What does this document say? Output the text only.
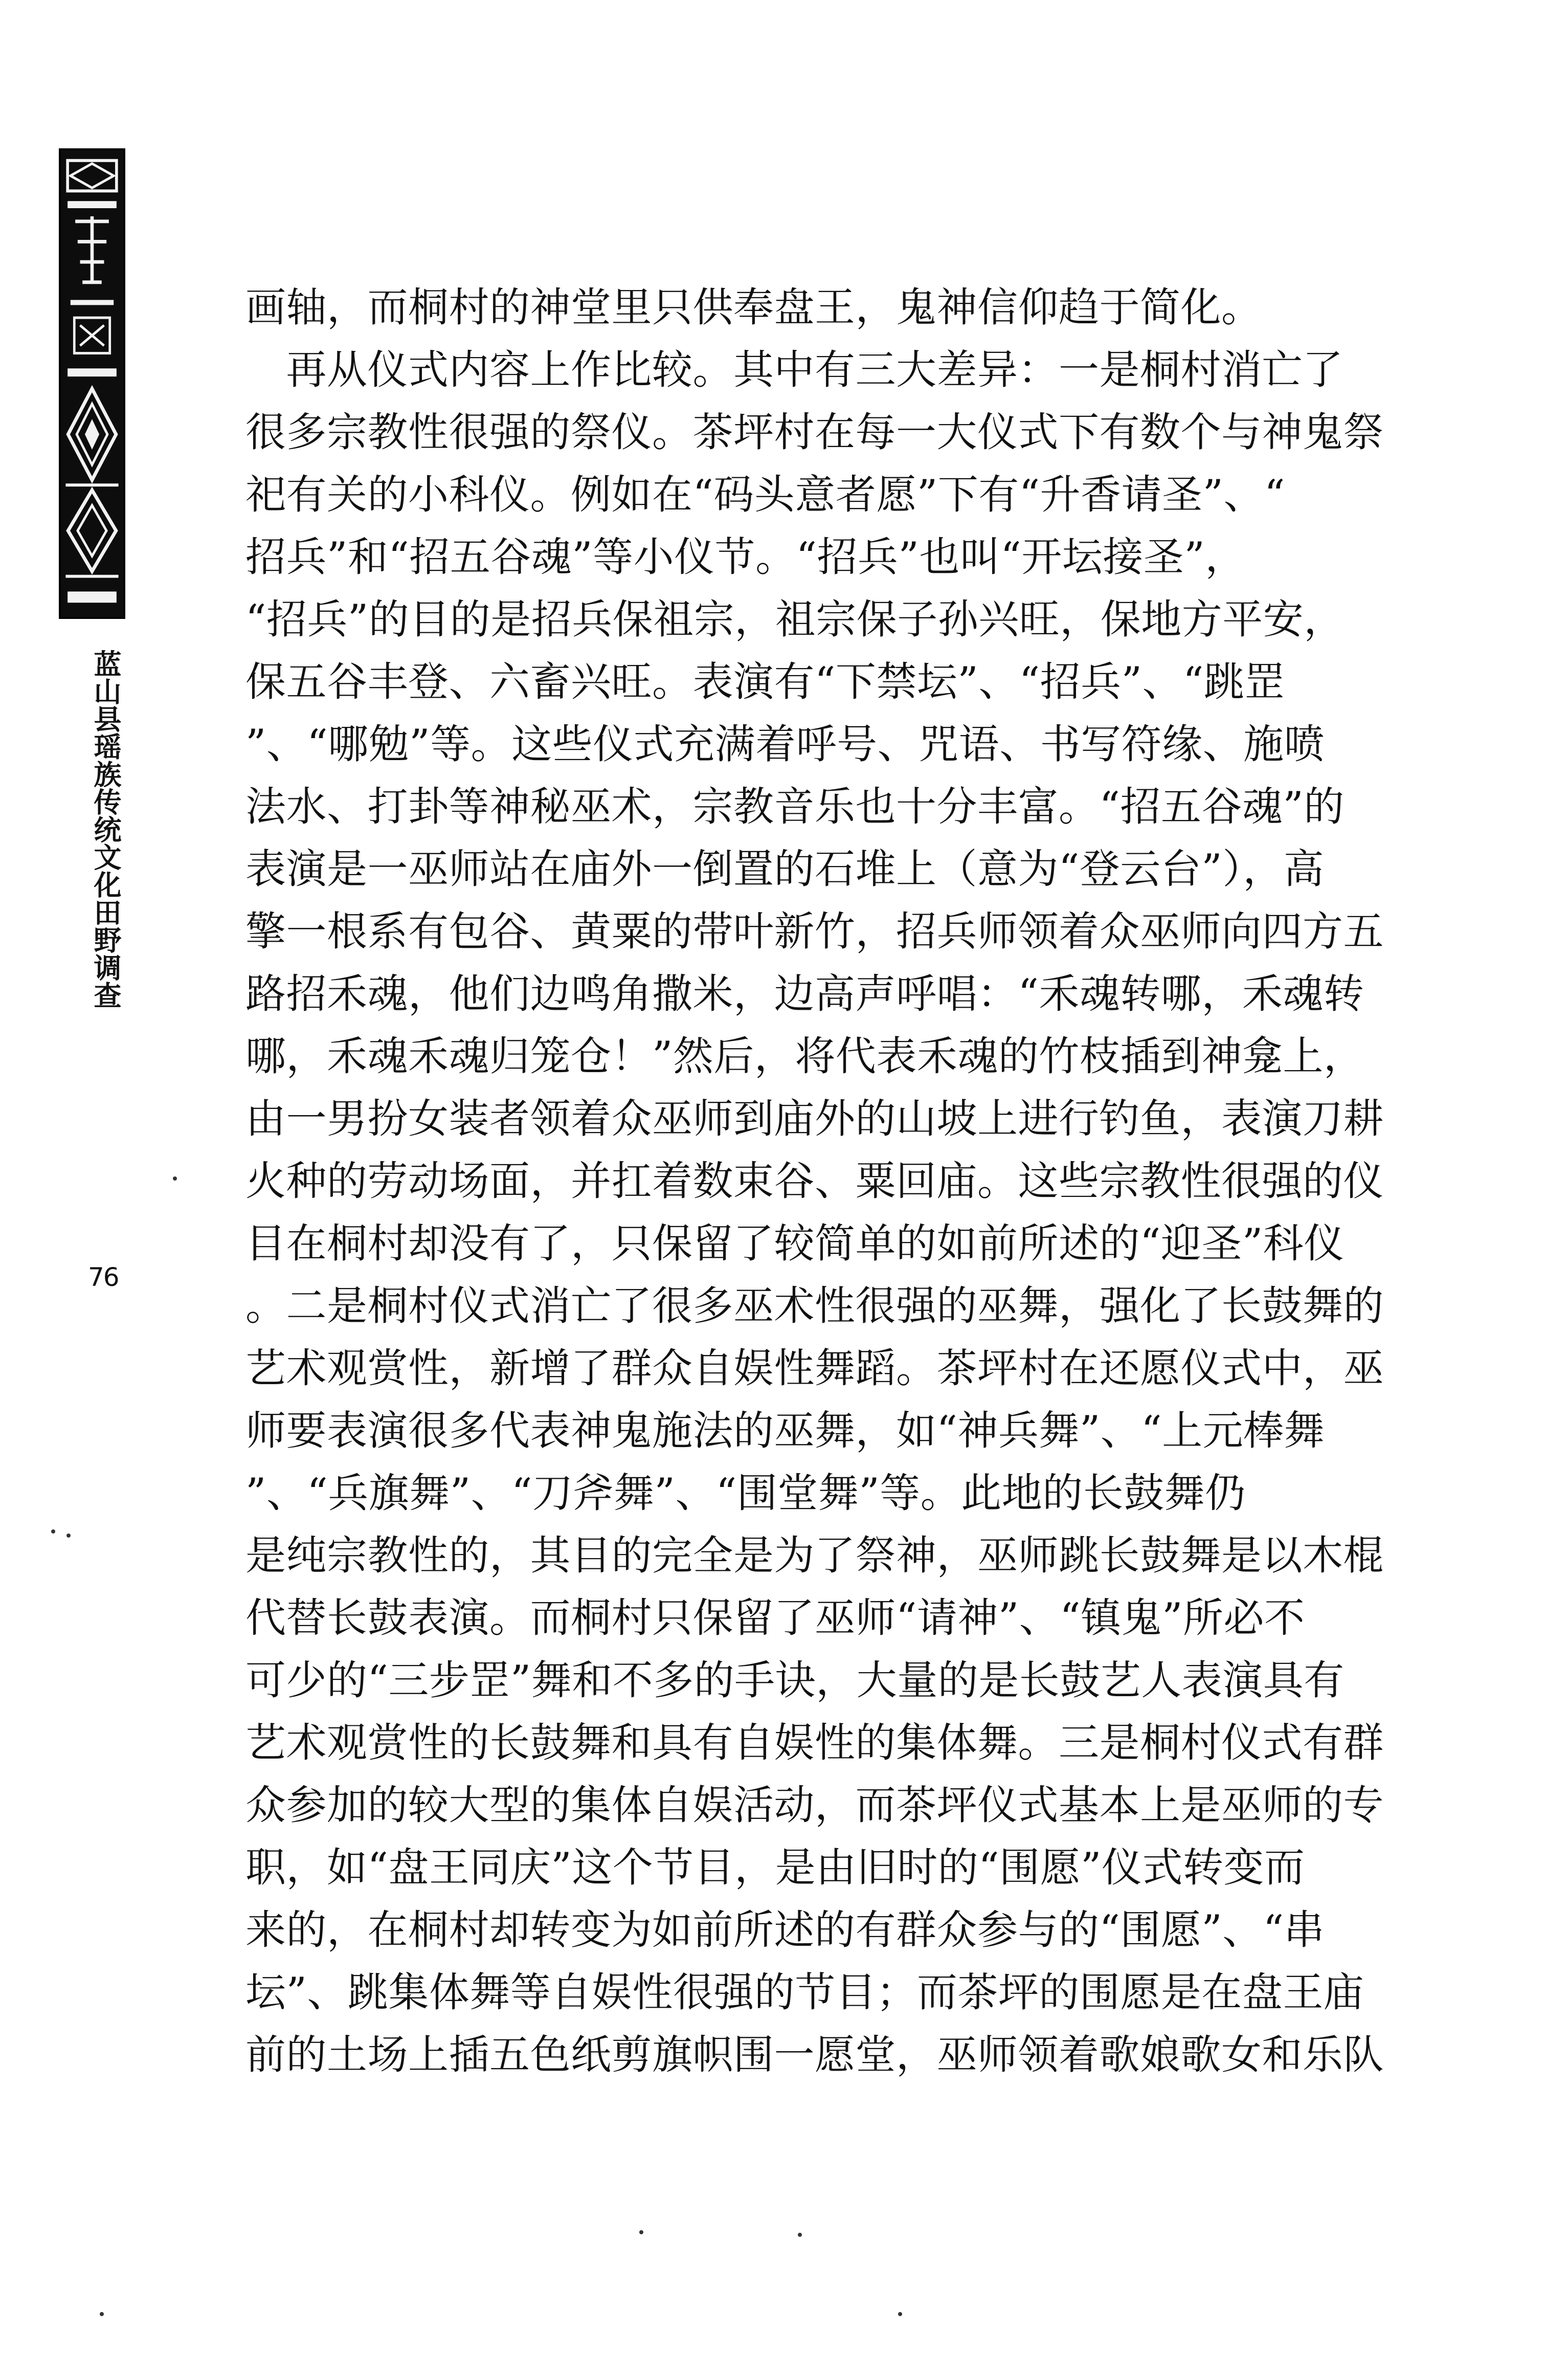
蓝山县瑶族传统文化田野调查
76
画轴，而桐村的神堂里只供奉盘王，鬼神信仰趋于简化。
　再从仪式内容上作比较。其中有三大差异：一是桐村消亡了
很多宗教性很强的祭仪。茶坪村在每一大仪式下有数个与神鬼祭
祀有关的小科仪。例如在“码头意者愿”下有“升香请圣”、“
招兵”和“招五谷魂”等小仪节。“招兵”也叫“开坛接圣”，
“招兵”的目的是招兵保祖宗，祖宗保子孙兴旺，保地方平安，
保五谷丰登、六畜兴旺。表演有“下禁坛”、“招兵”、“跳罡
”、“哪勉”等。这些仪式充满着呼号、咒语、书写符缘、施喷
法水、打卦等神秘巫术，宗教音乐也十分丰富。“招五谷魂”的
表演是一巫师站在庙外一倒置的石堆上（意为“登云台”），高
擎一根系有包谷、黄粟的带叶新竹，招兵师领着众巫师向四方五
路招禾魂，他们边鸣角撒米，边高声呼唱：“禾魂转哪，禾魂转
哪，禾魂禾魂归笼仓！”然后，将代表禾魂的竹枝插到神龛上，
由一男扮女装者领着众巫师到庙外的山坡上进行钓鱼，表演刀耕
火种的劳动场面，并扛着数束谷、粟回庙。这些宗教性很强的仪
目在桐村却没有了，只保留了较简单的如前所述的“迎圣”科仪
。二是桐村仪式消亡了很多巫术性很强的巫舞，强化了长鼓舞的
艺术观赏性，新增了群众自娱性舞蹈。茶坪村在还愿仪式中，巫
师要表演很多代表神鬼施法的巫舞，如“神兵舞”、“上元棒舞
”、“兵旗舞”、“刀斧舞”、“围堂舞”等。此地的长鼓舞仍
是纯宗教性的，其目的完全是为了祭神，巫师跳长鼓舞是以木棍
代替长鼓表演。而桐村只保留了巫师“请神”、“镇鬼”所必不
可少的“三步罡”舞和不多的手诀，大量的是长鼓艺人表演具有
艺术观赏性的长鼓舞和具有自娱性的集体舞。三是桐村仪式有群
众参加的较大型的集体自娱活动，而茶坪仪式基本上是巫师的专
职，如“盘王同庆”这个节目，是由旧时的“围愿”仪式转变而
来的，在桐村却转变为如前所述的有群众参与的“围愿”、“串
坛”、跳集体舞等自娱性很强的节目；而茶坪的围愿是在盘王庙
前的土场上插五色纸剪旗帜围一愿堂，巫师领着歌娘歌女和乐队
